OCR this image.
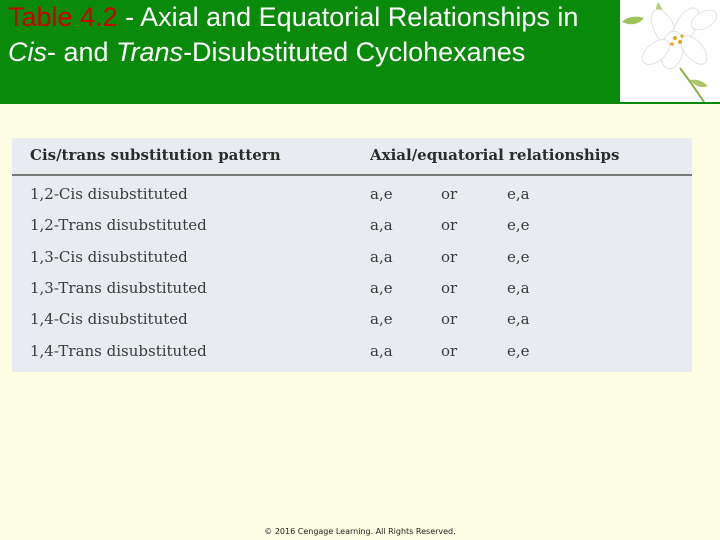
Table 4.2 - Axial and Equatorial Relationships in Cis- and Trans-Disubstituted Cyclohexanes
Cis/trans substitution pattern	Axial/equatorial relationships
1,2-Cis disubstituted	a,e	or	e,a
1,2-Trans disubstituted	a,a	or	e,e
1,3-Cis disubstituted	a,a	or	e,e
1,3-Trans disubstituted	a,e	or	e,a
1,4-Cis disubstituted	a,e	or	e,a
1,4-Trans disubstituted	a,a	or	e,e
© 2016 Cengage Learning. All Rights Reserved.
